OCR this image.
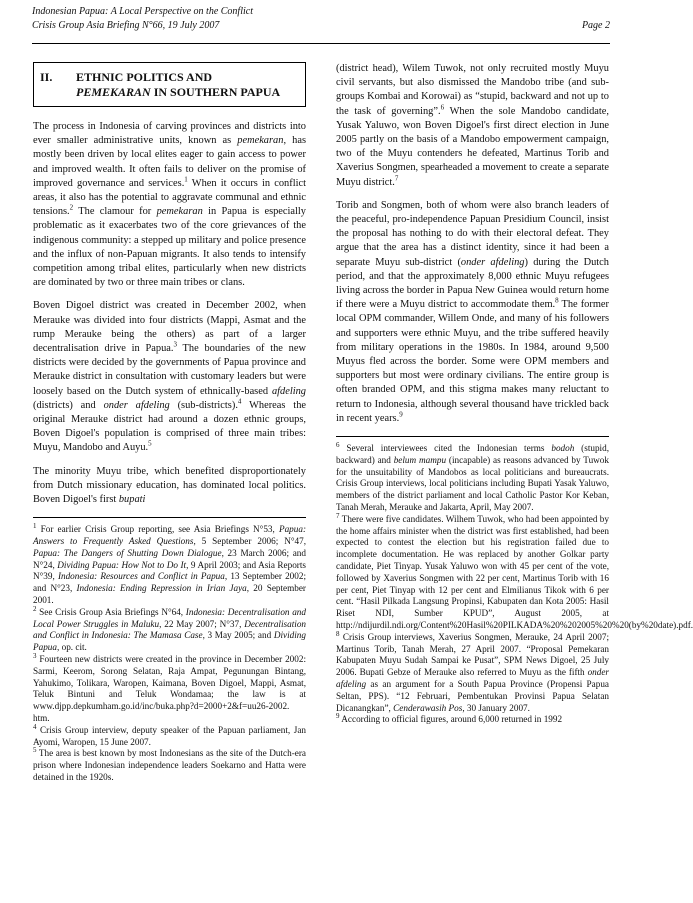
Indonesian Papua: A Local Perspective on the Conflict
Crisis Group Asia Briefing N°66, 19 July 2007	Page 2
II.	ETHNIC POLITICS AND
PEMEKARAN IN SOUTHERN PAPUA

The process in Indonesia of carving provinces and districts into ever smaller administrative units, known as pemekaran, has mostly been driven by local elites eager to gain access to power and improved wealth. It often fails to deliver on the promise of improved governance and services.$^1$ When it occurs in conflict areas, it also has the potential to aggravate communal and ethnic tensions.$^2$ The clamour for pemekaran in Papua is especially problematic as it exacerbates two of the core grievances of the indigenous community: a stepped up military and police presence and the influx of non-Papuan migrants. It also tends to intensify competition among tribal elites, particularly when new districts are dominated by two or three main tribes or clans.

Boven Digoel district was created in December 2002, when Merauke was divided into four districts (Mappi, Asmat and the rump Merauke being the others) as part of a larger decentralisation drive in Papua.$^3$ The boundaries of the new districts were decided by the governments of Papua province and Merauke district in consultation with customary leaders but were loosely based on the Dutch system of ethnically-based afdeling (districts) and onder afdeling (sub-districts).$^4$ Whereas the original Merauke district had around a dozen ethnic groups, Boven Digoel's population is comprised of three main tribes: Muyu, Mandobo and Auyu.$^5$

The minority Muyu tribe, which benefited disproportionately from Dutch missionary education, has dominated local politics. Boven Digoel's first bupati

$^1$ For earlier Crisis Group reporting, see Asia Briefings N°53, Papua: Answers to Frequently Asked Questions, 5 September 2006; N°47, Papua: The Dangers of Shutting Down Dialogue, 23 March 2006; and N°24, Dividing Papua: How Not to Do It, 9 April 2003; and Asia Reports N°39, Indonesia: Resources and Conflict in Papua, 13 September 2002; and N°23, Indonesia: Ending Repression in Irian Jaya, 20 September 2001.

$^2$ See Crisis Group Asia Briefings N°64, Indonesia: Decentralisation and Local Power Struggles in Maluku, 22 May 2007; N°37, Decentralisation and Conflict in Indonesia: The Mamasa Case, 3 May 2005; and Dividing Papua, op. cit.

$^3$ Fourteen new districts were created in the province in December 2002: Sarmi, Keerom, Sorong Selatan, Raja Ampat, Pegunungan Bintang, Yahukimo, Tolikara, Waropen, Kaimana, Boven Digoel, Mappi, Asmat, Teluk Bintuni and Teluk Wondamaa; the law is at www.djpp.depkumham.go.id/inc/buka.php?d=2000+2&f=uu26-2002. htm.

$^4$ Crisis Group interview, deputy speaker of the Papuan parliament, Jan Ayomi, Waropen, 15 June 2007.

$^5$ The area is best known by most Indonesians as the site of the Dutch-era prison where Indonesian independence leaders Soekarno and Hatta were detained in the 1920s.

(district head), Wilem Tuwok, not only recruited mostly Muyu civil servants, but also dismissed the Mandobo tribe (and sub-groups Kombai and Korowai) as “stupid, backward and not up to the task of governing”.$^6$ When the sole Mandobo candidate, Yusak Yaluwo, won Boven Digoel's first direct election in June 2005 partly on the basis of a Mandobo empowerment campaign, two of the Muyu contenders he defeated, Martinus Torib and Xaverius Songmen, spearheaded a movement to create a separate Muyu district.$^7$

Torib and Songmen, both of whom were also branch leaders of the peaceful, pro-independence Papuan Presidium Council, insist the proposal has nothing to do with their electoral defeat. They argue that the area has a distinct identity, since it had been a separate Muyu sub-district (onder afdeling) during the Dutch period, and that the approximately 8,000 ethnic Muyu refugees living across the border in Papua New Guinea would return home if there were a Muyu district to accommodate them.$^8$ The former local OPM commander, Willem Onde, and many of his followers and supporters were ethnic Muyu, and the tribe suffered heavily from military operations in the 1980s. In 1984, around 9,500 Muyus fled across the border. Some were OPM members and supporters but most were ordinary civilians. The entire group is often branded OPM, and this stigma makes many reluctant to return to Indonesia, although several thousand have trickled back in recent years.$^9$

$^6$ Several interviewees cited the Indonesian terms bodoh (stupid, backward) and belum mampu (incapable) as reasons advanced by Tuwok for the unsuitability of Mandobos as local politicians and bureaucrats. Crisis Group interviews, local politicians including Bupati Yasak Yaluwo, members of the district parliament and local Catholic Pastor Kor Keban, Tanah Merah, Merauke and Jakarta, April, May 2007.

$^7$ There were five candidates. Wilhem Tuwok, who had been appointed by the home affairs minister when the district was first established, had been expected to contest the election but his registration failed due to incomplete documentation. He was replaced by another Golkar party candidate, Piet Tinyap. Yusak Yaluwo won with 45 per cent of the vote, followed by Xaverius Songmen with 22 per cent, Martinus Torib with 16 per cent, Piet Tinyap with 12 per cent and Elmilianus Tikok with 6 per cent. “Hasil Pilkada Langsung Propinsi, Kabupaten dan Kota 2005: Hasil Riset NDI, Sumber KPUD”, August 2005, at http://ndijurdil.ndi.org/Content%20Hasil%20PILKADA%20%202005%20%20(by%20date).pdf.

$^8$ Crisis Group interviews, Xaverius Songmen, Merauke, 24 April 2007; Martinus Torib, Tanah Merah, 27 April 2007. “Proposal Pemekaran Kabupaten Muyu Sudah Sampai ke Pusat”, SPM News Digoel, 25 July 2006. Bupati Gebze of Merauke also referred to Muyu as the fifth onder afdeling as an argument for a South Papua Province (Propensi Papua Seltan, PPS). “12 Februari, Pembentukan Provinsi Papua Selatan Dicanangkan”, Cenderawasih Pos, 30 January 2007.

$^9$ According to official figures, around 6,000 returned in 1992
